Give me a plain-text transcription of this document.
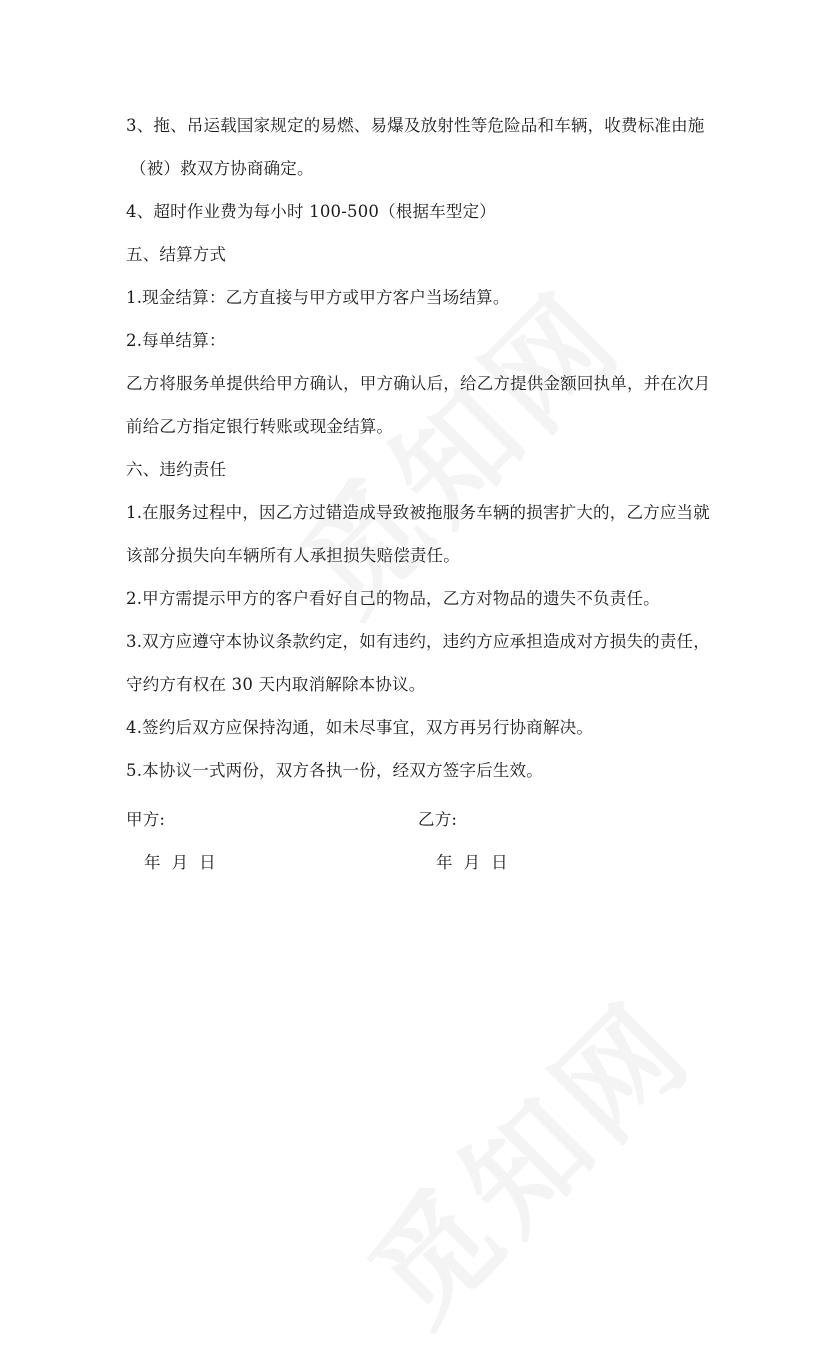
3、拖、吊运载国家规定的易燃、易爆及放射性等危险品和车辆，收费标准由施
（被）救双方协商确定。
4、超时作业费为每小时 100-500（根据车型定）
五、结算方式
1.现金结算：乙方直接与甲方或甲方客户当场结算。
2.每单结算：
乙方将服务单提供给甲方确认，甲方确认后，给乙方提供金额回执单，并在次月
前给乙方指定银行转账或现金结算。
六、违约责任
1.在服务过程中，因乙方过错造成导致被拖服务车辆的损害扩大的，乙方应当就
该部分损失向车辆所有人承担损失赔偿责任。
2.甲方需提示甲方的客户看好自己的物品，乙方对物品的遗失不负责任。
3.双方应遵守本协议条款约定，如有违约，违约方应承担造成对方损失的责任，
守约方有权在 30 天内取消解除本协议。
4.签约后双方应保持沟通，如未尽事宜，双方再另行协商解决。
5.本协议一式两份，双方各执一份，经双方签字后生效。
甲方:	乙方:
年  月  日	年  月  日
